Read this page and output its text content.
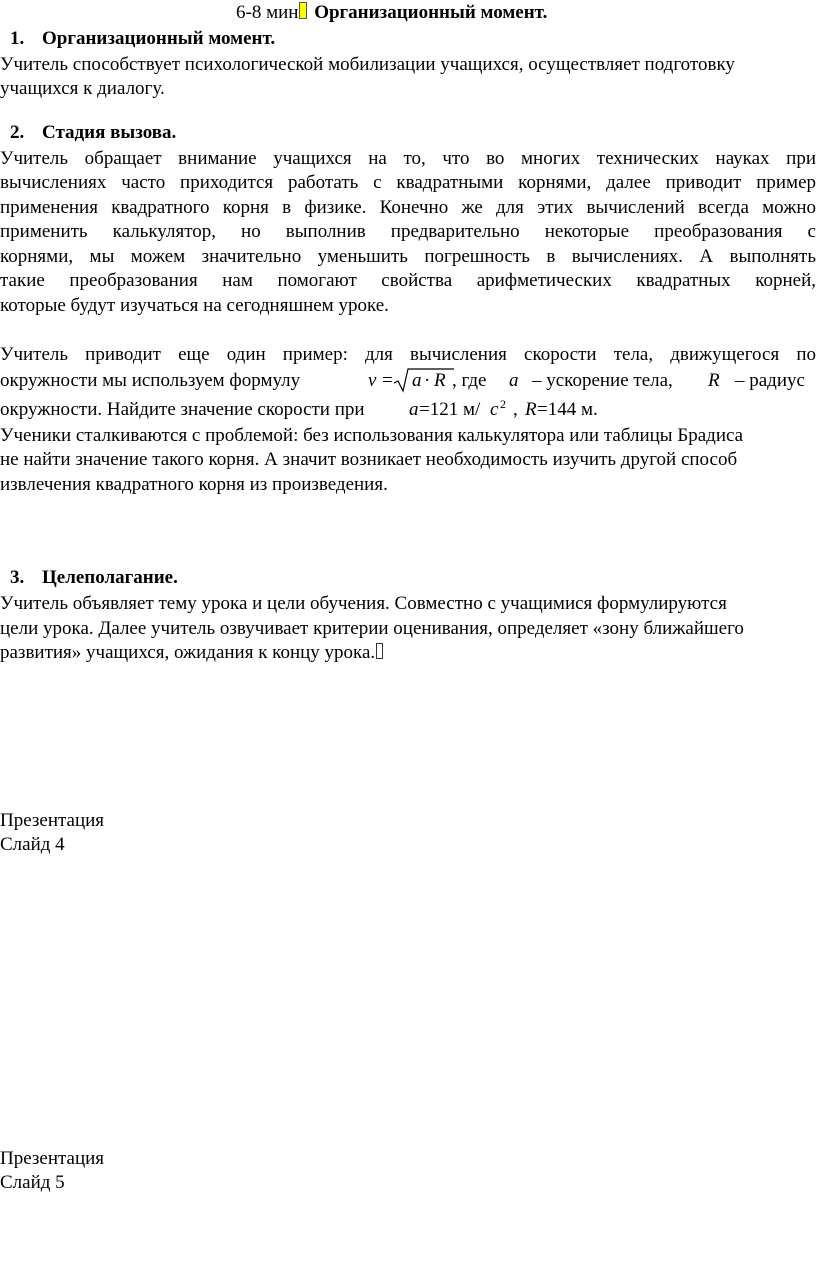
6-8 мин Организационный момент.
1. Организационный момент.
Учитель способствует психологической мобилизации учащихся, осуществляет подготовку
учащихся к диалогу.
2. Стадия вызова.
Учитель обращает внимание учащихся на то, что во многих технических науках при
вычислениях часто приходится работать с квадратными корнями, далее приводит пример
применения квадратного корня в физике. Конечно же для этих вычислений всегда можно
применить калькулятор, но выполнив предварительно некоторые преобразования с
корнями, мы можем значительно уменьшить погрешность в вычислениях. А выполнять
такие преобразования нам помогают свойства арифметических квадратных корней,
которые будут изучаться на сегодняшнем уроке.
Учитель приводит еще один пример: для вычисления скорости тела, движущегося по
окружности мы используем формулу	v = a · R , где a – ускорение тела, R – радиус
окружности. Найдите значение скорости при a =121 м/ c 2 , R =144 м.
Ученики сталкиваются с проблемой: без использования калькулятора или таблицы Брадиса
не найти значение такого корня. А значит возникает необходимость изучить другой способ
извлечения квадратного корня из произведения.
3. Целеполагание.
Учитель объявляет тему урока и цели обучения. Совместно с учащимися формулируются
цели урока. Далее учитель озвучивает критерии оценивания, определяет «зону ближайшего
развития» учащихся, ожидания к концу урока.
Презентация
Слайд 4
Презентация
Слайд 5
